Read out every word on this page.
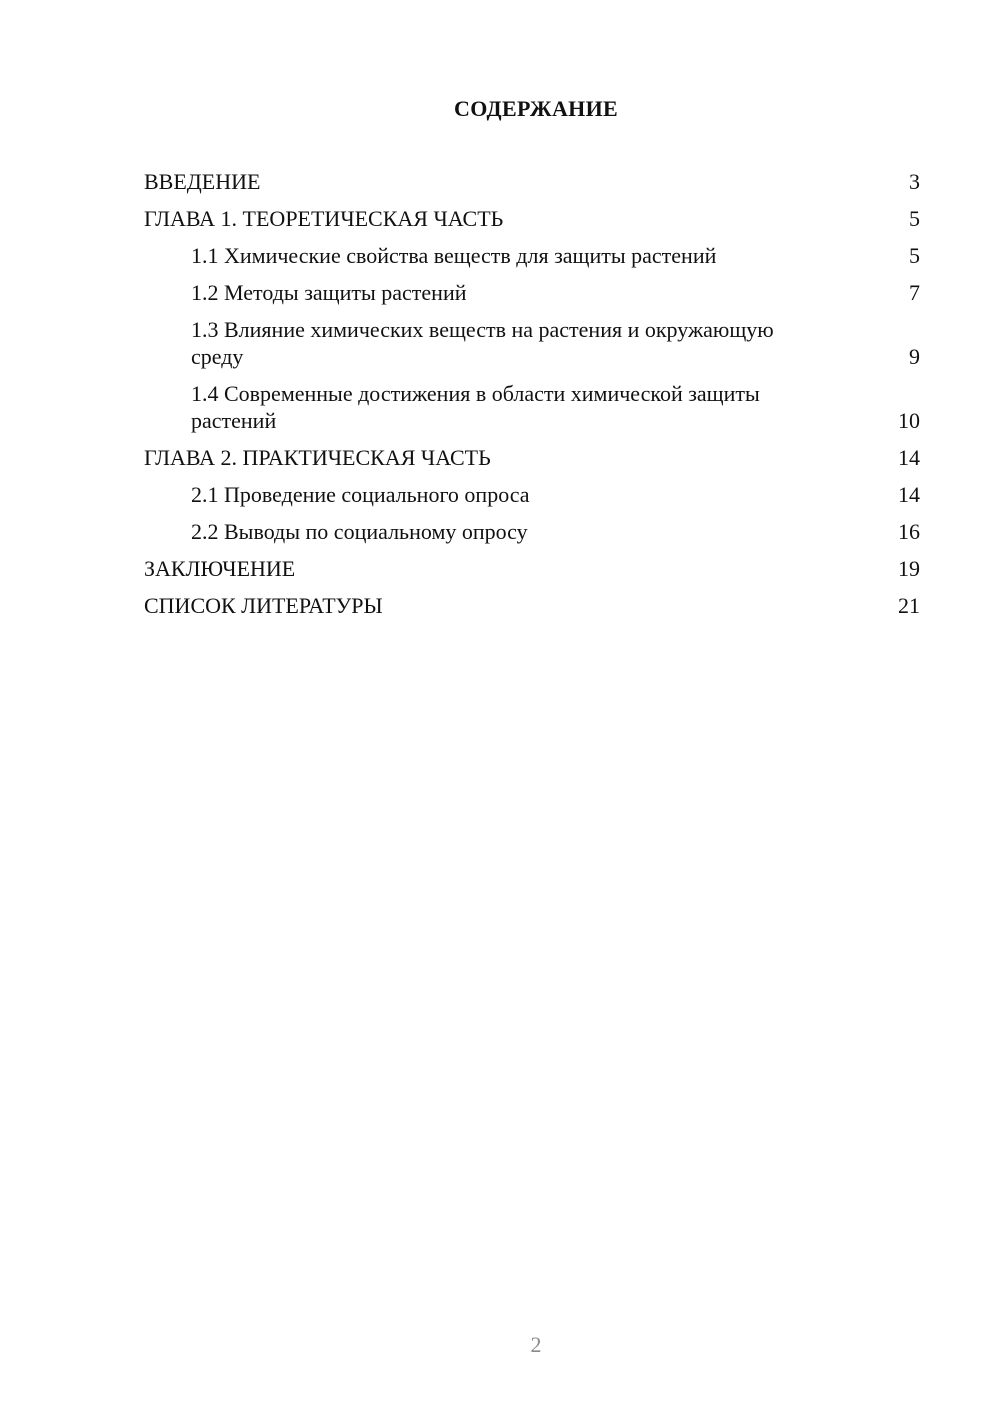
СОДЕРЖАНИЕ
ВВЕДЕНИЕ	3
ГЛАВА 1. ТЕОРЕТИЧЕСКАЯ ЧАСТЬ	5
1.1 Химические свойства веществ для защиты растений	5
1.2 Методы защиты растений	7
1.3 Влияние химических веществ на растения и окружающую среду	9
1.4 Современные достижения в области химической защиты растений	10
ГЛАВА 2. ПРАКТИЧЕСКАЯ ЧАСТЬ	14
2.1 Проведение социального опроса	14
2.2 Выводы по социальному опросу	16
ЗАКЛЮЧЕНИЕ	19
СПИСОК ЛИТЕРАТУРЫ	21
2
